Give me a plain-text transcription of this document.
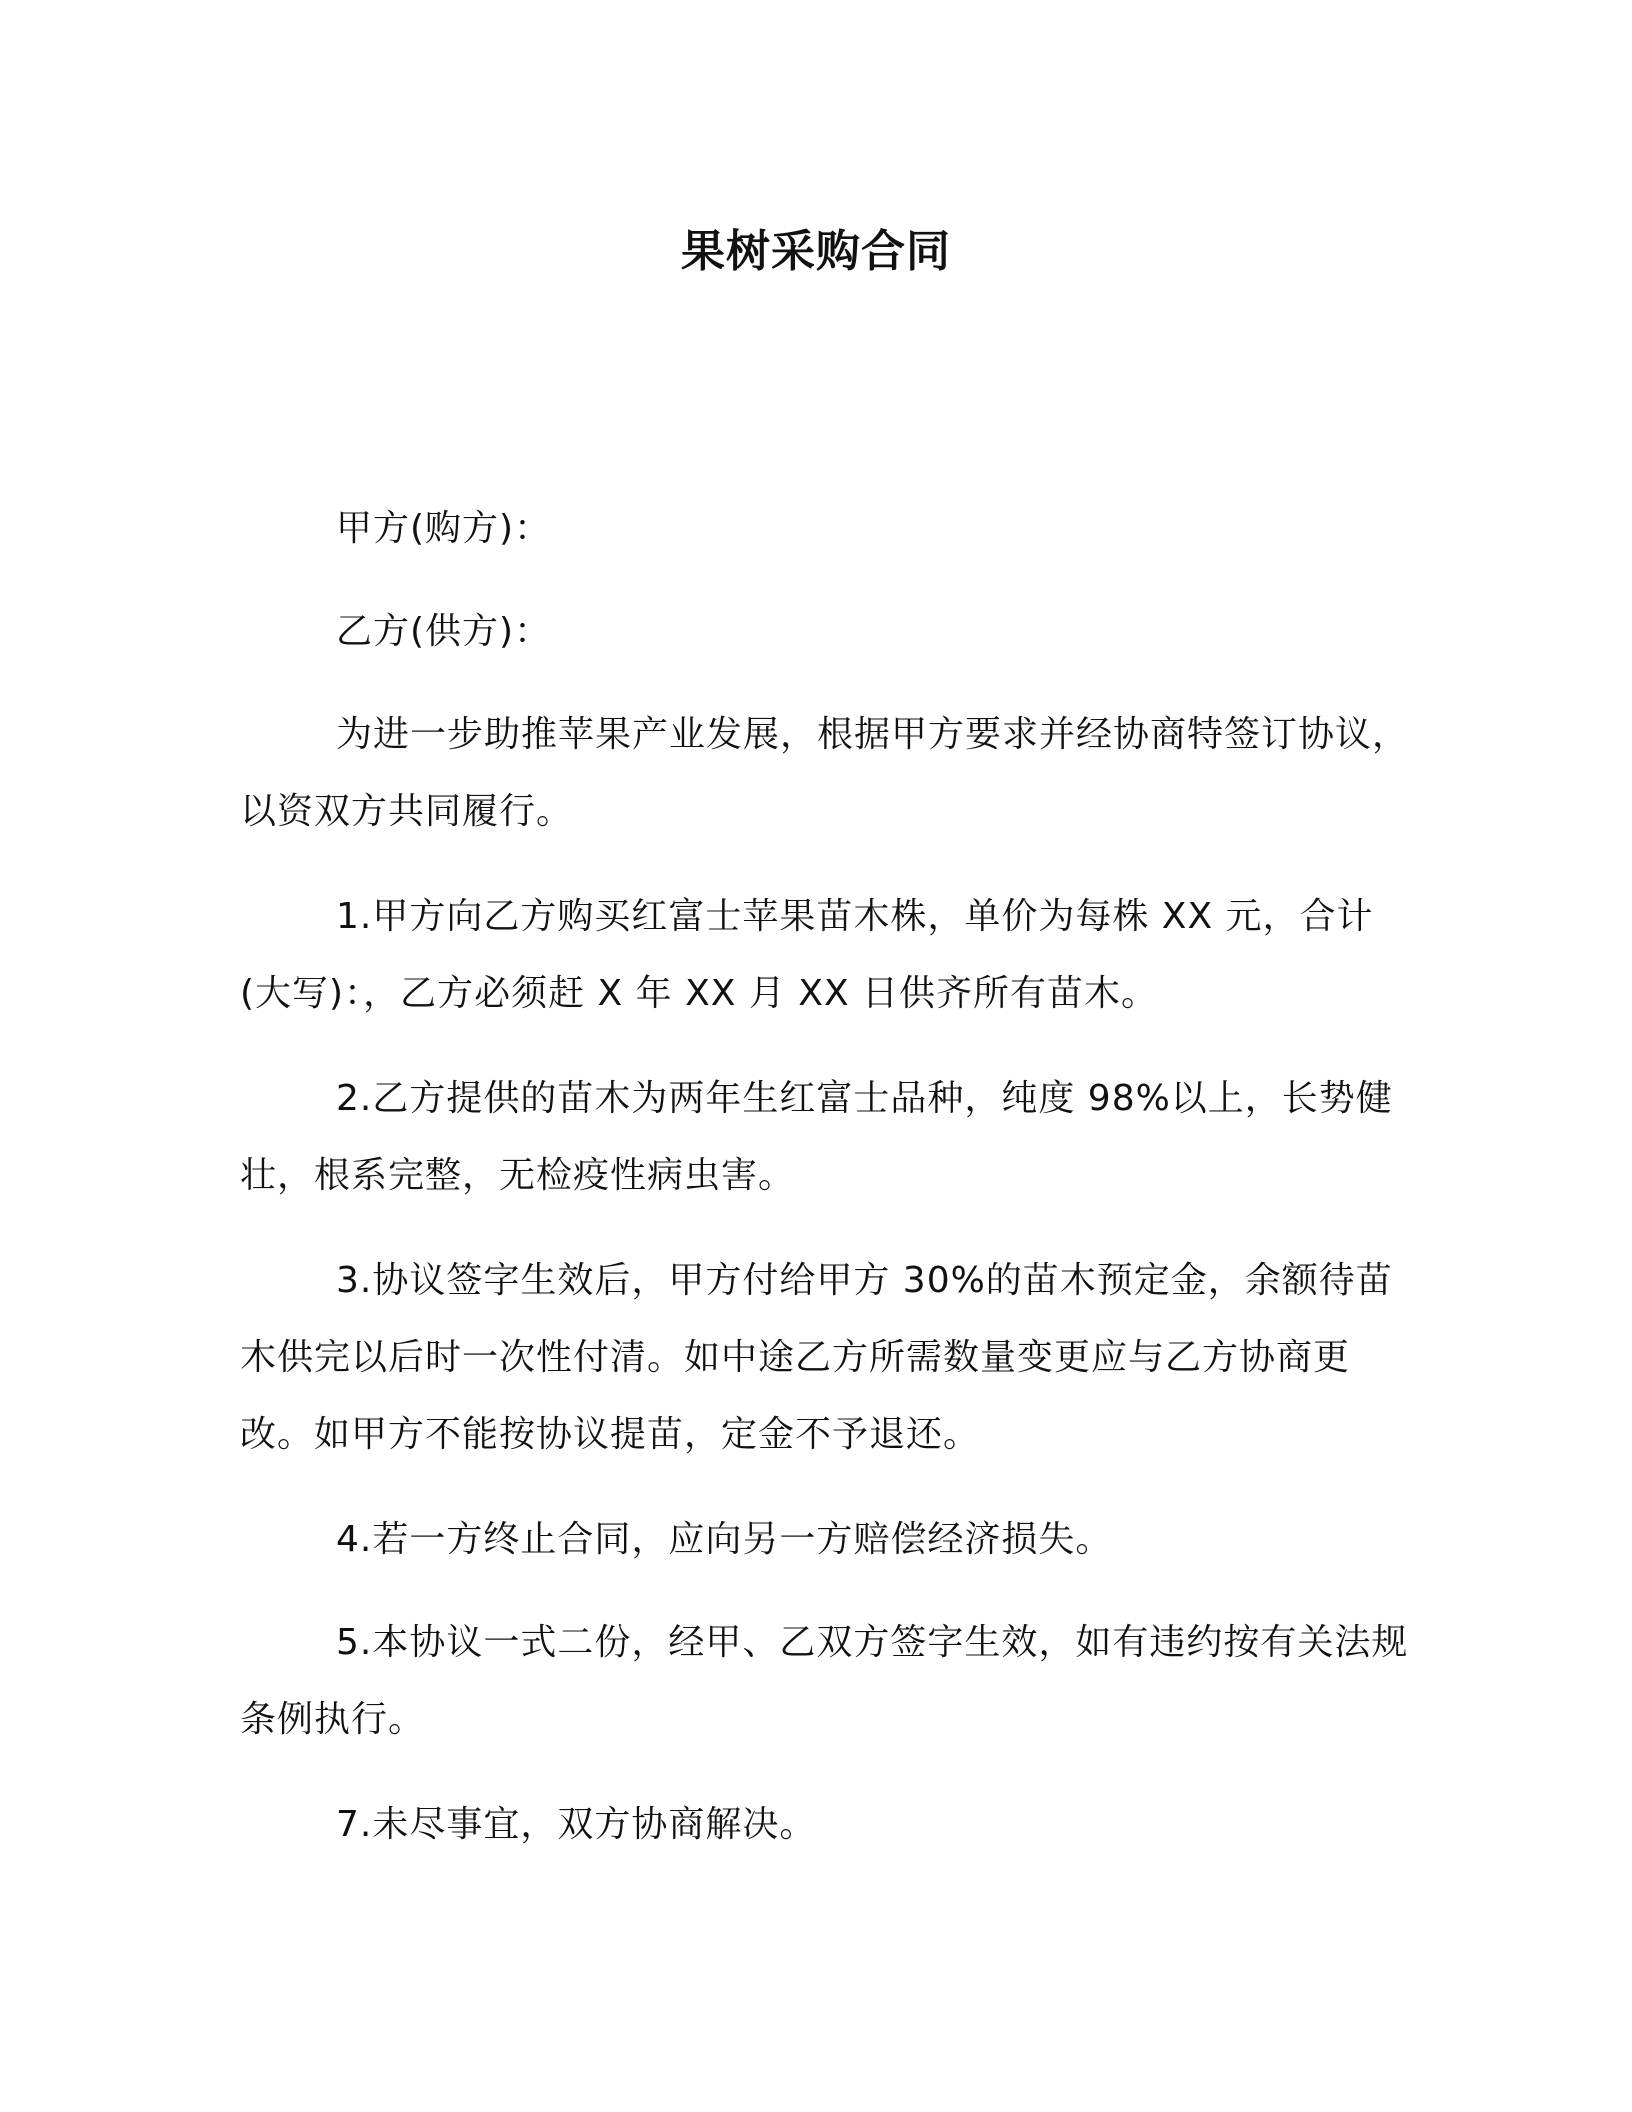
果树采购合同

甲方(购方)：

乙方(供方)：

为进一步助推苹果产业发展，根据甲方要求并经协商特签订协议，以资双方共同履行。

1.甲方向乙方购买红富士苹果苗木株，单价为每株 XX 元，合计(大写)：，乙方必须赶 X 年 XX 月 XX 日供齐所有苗木。

2.乙方提供的苗木为两年生红富士品种，纯度 98%以上，长势健壮，根系完整，无检疫性病虫害。

3.协议签字生效后，甲方付给甲方 30%的苗木预定金，余额待苗木供完以后时一次性付清。如中途乙方所需数量变更应与乙方协商更改。如甲方不能按协议提苗，定金不予退还。

4.若一方终止合同，应向另一方赔偿经济损失。

5.本协议一式二份，经甲、乙双方签字生效，如有违约按有关法规条例执行。

7.未尽事宜，双方协商解决。
